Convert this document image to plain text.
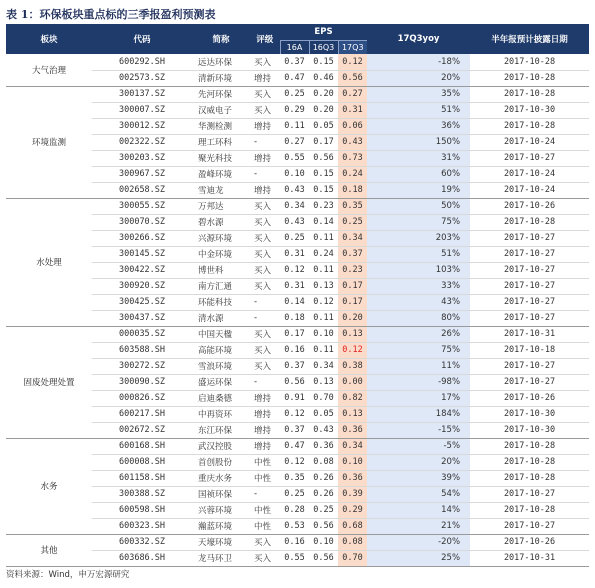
表 1：环保板块重点标的三季报盈利预测表
板块	代码	简称	评级	EPS			17Q3yoy	半年报预计披露日期
				16A	16Q3	17Q3		
大气治理	600292.SH	远达环保	买入	0.37	0.15	0.12	-18%	2017-10-28
	002573.SZ	清新环境	增持	0.47	0.46	0.56	20%	2017-10-28
环境监测	300137.SZ	先河环保	买入	0.25	0.20	0.27	35%	2017-10-28
	300007.SZ	汉威电子	买入	0.29	0.20	0.31	51%	2017-10-30
	300012.SZ	华测检测	增持	0.11	0.05	0.06	36%	2017-10-28
	002322.SZ	理工环科	-	0.27	0.17	0.43	150%	2017-10-24
	300203.SZ	聚光科技	增持	0.55	0.56	0.73	31%	2017-10-27
	300967.SZ	盈峰环境	-	0.10	0.15	0.24	60%	2017-10-24
	002658.SZ	雪迪龙	增持	0.43	0.15	0.18	19%	2017-10-24
水处理	300055.SZ	万邦达	买入	0.34	0.23	0.35	50%	2017-10-26
	300070.SZ	碧水源	买入	0.43	0.14	0.25	75%	2017-10-28
	300266.SZ	兴源环境	买入	0.25	0.11	0.34	203%	2017-10-27
	300145.SZ	中金环境	买入	0.31	0.24	0.37	51%	2017-10-27
	300422.SZ	博世科	买入	0.12	0.11	0.23	103%	2017-10-27
	300920.SZ	南方汇通	买入	0.31	0.13	0.17	33%	2017-10-27
	300425.SZ	环能科技	-	0.14	0.12	0.17	43%	2017-10-27
	300437.SZ	清水源	-	0.18	0.11	0.20	80%	2017-10-27
固废处理处置	000035.SZ	中国天楹	买入	0.17	0.10	0.13	26%	2017-10-31
	603588.SH	高能环境	买入	0.16	0.11	0.12	75%	2017-10-18
	300272.SZ	雪浪环境	买入	0.37	0.34	0.38	11%	2017-10-27
	300090.SZ	盛运环保	-	0.56	0.13	0.00	-98%	2017-10-27
	000826.SZ	启迪桑德	增持	0.91	0.70	0.82	17%	2017-10-26
	600217.SH	中再资环	增持	0.12	0.05	0.13	184%	2017-10-30
	002672.SZ	东江环保	增持	0.37	0.43	0.36	-15%	2017-10-30
水务	600168.SH	武汉控股	增持	0.47	0.36	0.34	-5%	2017-10-28
	600008.SH	首创股份	中性	0.12	0.08	0.10	20%	2017-10-28
	601158.SH	重庆水务	中性	0.35	0.26	0.36	39%	2017-10-28
	300388.SZ	国祯环保	-	0.25	0.26	0.39	54%	2017-10-27
	600598.SH	兴蓉环境	中性	0.28	0.25	0.29	14%	2017-10-28
	600323.SH	瀚蓝环境	中性	0.53	0.56	0.68	21%	2017-10-27
其他	600332.SZ	天壕环境	买入	0.16	0.10	0.08	-20%	2017-10-26
	603686.SH	龙马环卫	买入	0.55	0.56	0.70	25%	2017-10-31
资料来源：Wind，申万宏源研究
